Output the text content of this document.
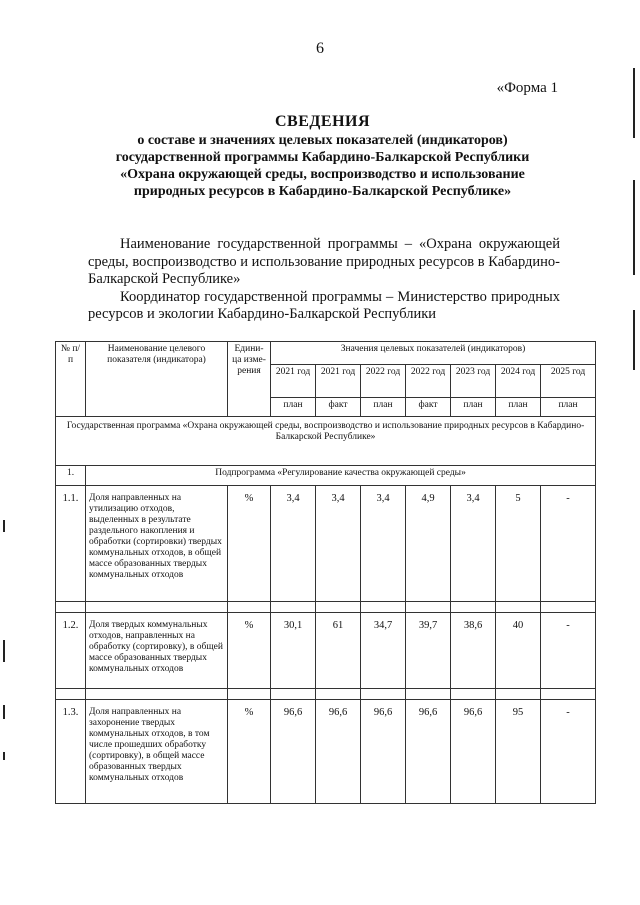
6
«Форма 1
СВЕДЕНИЯ
о составе и значениях целевых показателей (индикаторов)
государственной программы Кабардино-Балкарской Республики
«Охрана окружающей среды, воспроизводство и использование
природных ресурсов в Кабардино-Балкарской Республике»

Наименование государственной программы – «Охрана окружающей среды, воспроизводство и использование природных ресурсов в Кабардино-Балкарской Республике»

Координатор государственной программы – Министерство природных ресурсов и экологии Кабардино-Балкарской Республики

№ п/п	Наименование целевого показателя (индикатора)	Едини-ца изме-рения	Значения целевых показателей (индикаторов)						
			2021 год	2021 год	2022 год	2022 год	2023 год	2024 год	2025 год
			план	факт	план	факт	план	план	план
Государственная программа «Охрана окружающей среды, воспроизводство и использование природных ресурсов в Кабардино-Балкарской Республике»									
1.	Подпрограмма «Регулирование качества окружающей среды»								
1.1.	Доля направленных на утилизацию отходов, выделенных в результате раздельного накопления и обработки (сортировки) твердых коммунальных отходов, в общей массе образованных твердых коммунальных отходов	%	3,4	3,4	3,4	4,9	3,4	5	-

1.2.	Доля твердых коммунальных отходов, направленных на обработку (сортировку), в общей массе образованных твердых коммунальных отходов	%	30,1	61	34,7	39,7	38,6	40	-

1.3.	Доля направленных на захоронение твердых коммунальных отходов, в том числе прошедших обработку (сортировку), в общей массе образованных твердых коммунальных отходов	%	96,6	96,6	96,6	96,6	96,6	95	-
